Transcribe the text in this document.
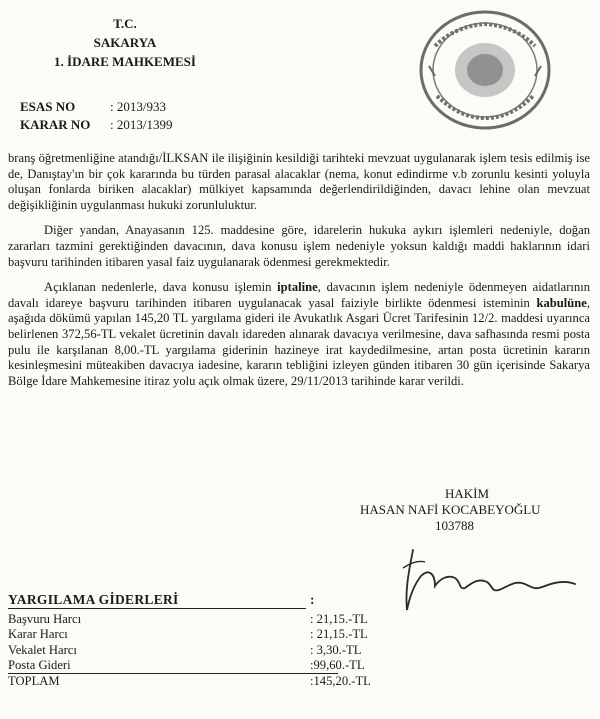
T.C.
SAKARYA
1. İDARE MAHKEMESİ
ESAS NO	: 2013/933
KARAR NO : 2013/1399

branş öğretmenliğine atandığı/İLKSAN ile ilişiğinin kesildiği tarihteki mevzuat uygulanarak işlem tesis edilmiş ise de, Danıştay'ın bir çok kararında bu türden parasal alacaklar (nema, konut edindirme v.b zorunlu kesinti yoluyla oluşan fonlarda biriken alacaklar) mülkiyet kapsamında değerlendirildiğinden, davacı lehine olan mevzuat değişikliğinin uygulanması hukuki zorunluluktur.

Diğer yandan, Anayasanın 125. maddesine göre, idarelerin hukuka aykırı işlemleri nedeniyle, doğan zararları tazmini gerektiğinden davacının, dava konusu işlem nedeniyle yoksun kaldığı maddi haklarının idari başvuru tarihinden itibaren yasal faiz uygulanarak ödenmesi gerekmektedir.

Açıklanan nedenlerle, dava konusu işlemin iptaline, davacının işlem nedeniyle ödenmeyen aidatlarının davalı idareye başvuru tarihinden itibaren uygulanacak yasal faiziyle birlikte ödenmesi isteminin kabulüne, aşağıda dökümü yapılan 145,20 TL yargılama gideri ile Avukatlık Asgari Ücret Tarifesinin 12/2. maddesi uyarınca belirlenen 372,56-TL vekalet ücretinin davalı idareden alınarak davacıya verilmesine, dava safhasında resmi posta pulu ile karşılanan 8,00.-TL yargılama giderinin hazineye irat kaydedilmesine, artan posta ücretinin kararın kesinleşmesini müteakiben davacıya iadesine, kararın tebliğini izleyen günden itibaren 30 gün içerisinde Sakarya Bölge İdare Mahkemesine itiraz yolu açık olmak üzere, 29/11/2013 tarihinde karar verildi.

HAKİM
HASAN NAFİ KOCABEYOĞLU
103788
YARGILAMA GİDERLERİ	:
Başvuru Harcı	: 21,15.-TL
Karar Harcı	: 21,15.-TL
Vekalet Harcı	: 3,30.-TL
Posta Gideri	:99,60.-TL
TOPLAM	:145,20.-TL
